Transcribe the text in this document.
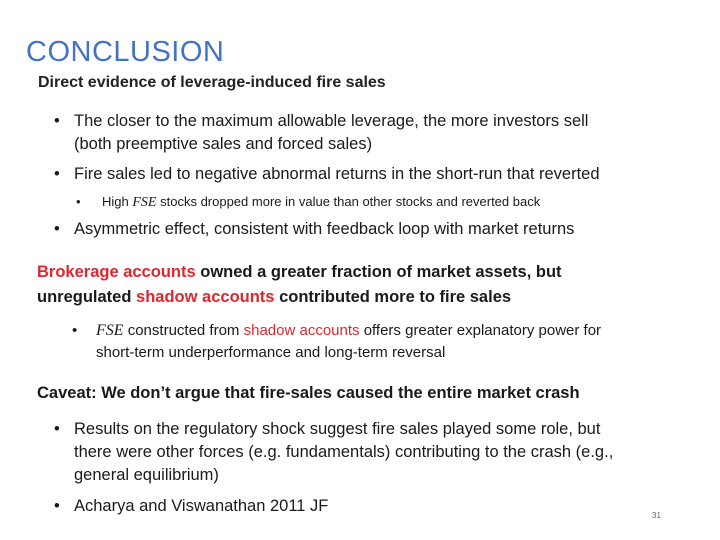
Direct evidence of leverage-induced fire sales
CONCLUSION
• The closer to the maximum allowable leverage, the more investors sell
(both preemptive sales and forced sales)
• Fire sales led to negative abnormal returns in the short-run that reverted
• High FSE stocks dropped more in value than other stocks and reverted back
• Asymmetric effect, consistent with feedback loop with market returns
Brokerage accounts owned a greater fraction of market assets, but
unregulated shadow accounts contributed more to fire sales
• FSE constructed from shadow accounts offers greater explanatory power for
short-term underperformance and long-term reversal
Caveat: We don’t argue that fire-sales caused the entire market crash
• Results on the regulatory shock suggest fire sales played some role, but
there were other forces (e.g. fundamentals) contributing to the crash (e.g.,
general equilibrium)
• Acharya and Viswanathan 2011 JF
31
